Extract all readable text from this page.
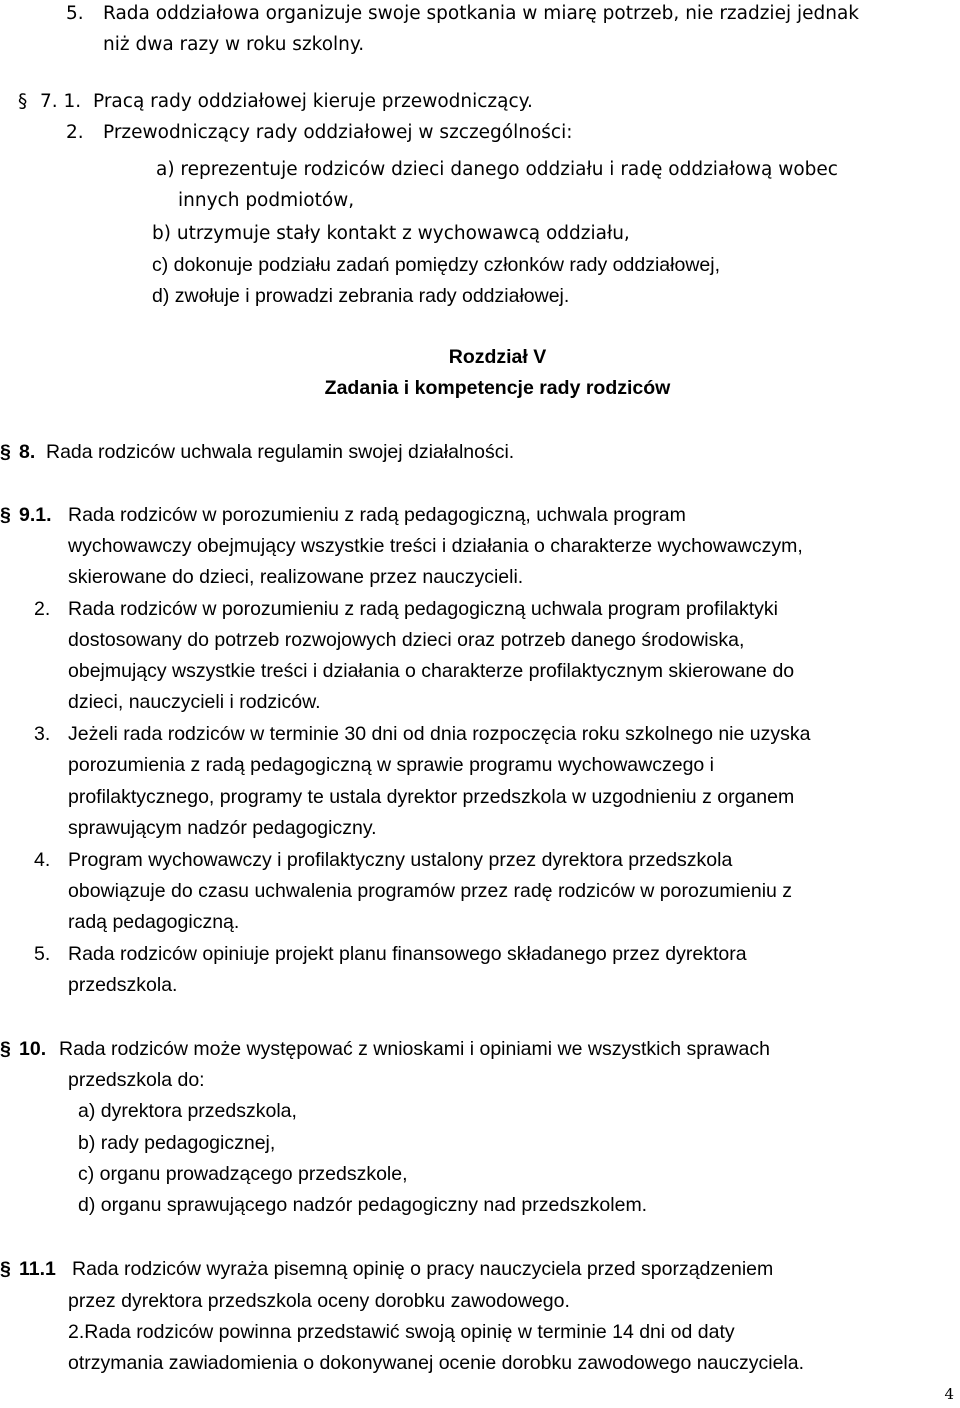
5. Rada oddziałowa organizuje swoje spotkania w miarę potrzeb, nie rzadziej jednak
niż dwa razy w roku szkolny.
§ 7. 1. Pracą rady oddziałowej kieruje przewodniczący.
2. Przewodniczący rady oddziałowej w szczególności:
a) reprezentuje rodziców dzieci danego oddziału i radę oddziałową wobec
innych podmiotów,
b) utrzymuje stały kontakt z wychowawcą oddziału,
c) dokonuje podziału zadań pomiędzy członków rady oddziałowej,
d) zwołuje i prowadzi zebrania rady oddziałowej.
Rozdział V
Zadania i kompetencje rady rodziców
§ 8. Rada rodziców uchwala regulamin swojej działalności.
§ 9.1. Rada rodziców w porozumieniu z radą pedagogiczną, uchwala program
wychowawczy obejmujący wszystkie treści i działania o charakterze wychowawczym,
skierowane do dzieci, realizowane przez nauczycieli.
2. Rada rodziców w porozumieniu z radą pedagogiczną uchwala program profilaktyki
dostosowany do potrzeb rozwojowych dzieci oraz potrzeb danego środowiska,
obejmujący wszystkie treści i działania o charakterze profilaktycznym skierowane do
dzieci, nauczycieli i rodziców.
3. Jeżeli rada rodziców w terminie 30 dni od dnia rozpoczęcia roku szkolnego nie uzyska
porozumienia z radą pedagogiczną w sprawie programu wychowawczego i
profilaktycznego, programy te ustala dyrektor przedszkola w uzgodnieniu z organem
sprawującym nadzór pedagogiczny.
4. Program wychowawczy i profilaktyczny ustalony przez dyrektora przedszkola
obowiązuje do czasu uchwalenia programów przez radę rodziców w porozumieniu z
radą pedagogiczną.
5. Rada rodziców opiniuje projekt planu finansowego składanego przez dyrektora
przedszkola.
§ 10. Rada rodziców może występować z wnioskami i opiniami we wszystkich sprawach
przedszkola do:
a) dyrektora przedszkola,
b) rady pedagogicznej,
c) organu prowadzącego przedszkole,
d) organu sprawującego nadzór pedagogiczny nad przedszkolem.
§ 11.1 Rada rodziców wyraża pisemną opinię o pracy nauczyciela przed sporządzeniem
przez dyrektora przedszkola oceny dorobku zawodowego.
2.Rada rodziców powinna przedstawić swoją opinię w terminie 14 dni od daty
otrzymania zawiadomienia o dokonywanej ocenie dorobku zawodowego nauczyciela.
4
